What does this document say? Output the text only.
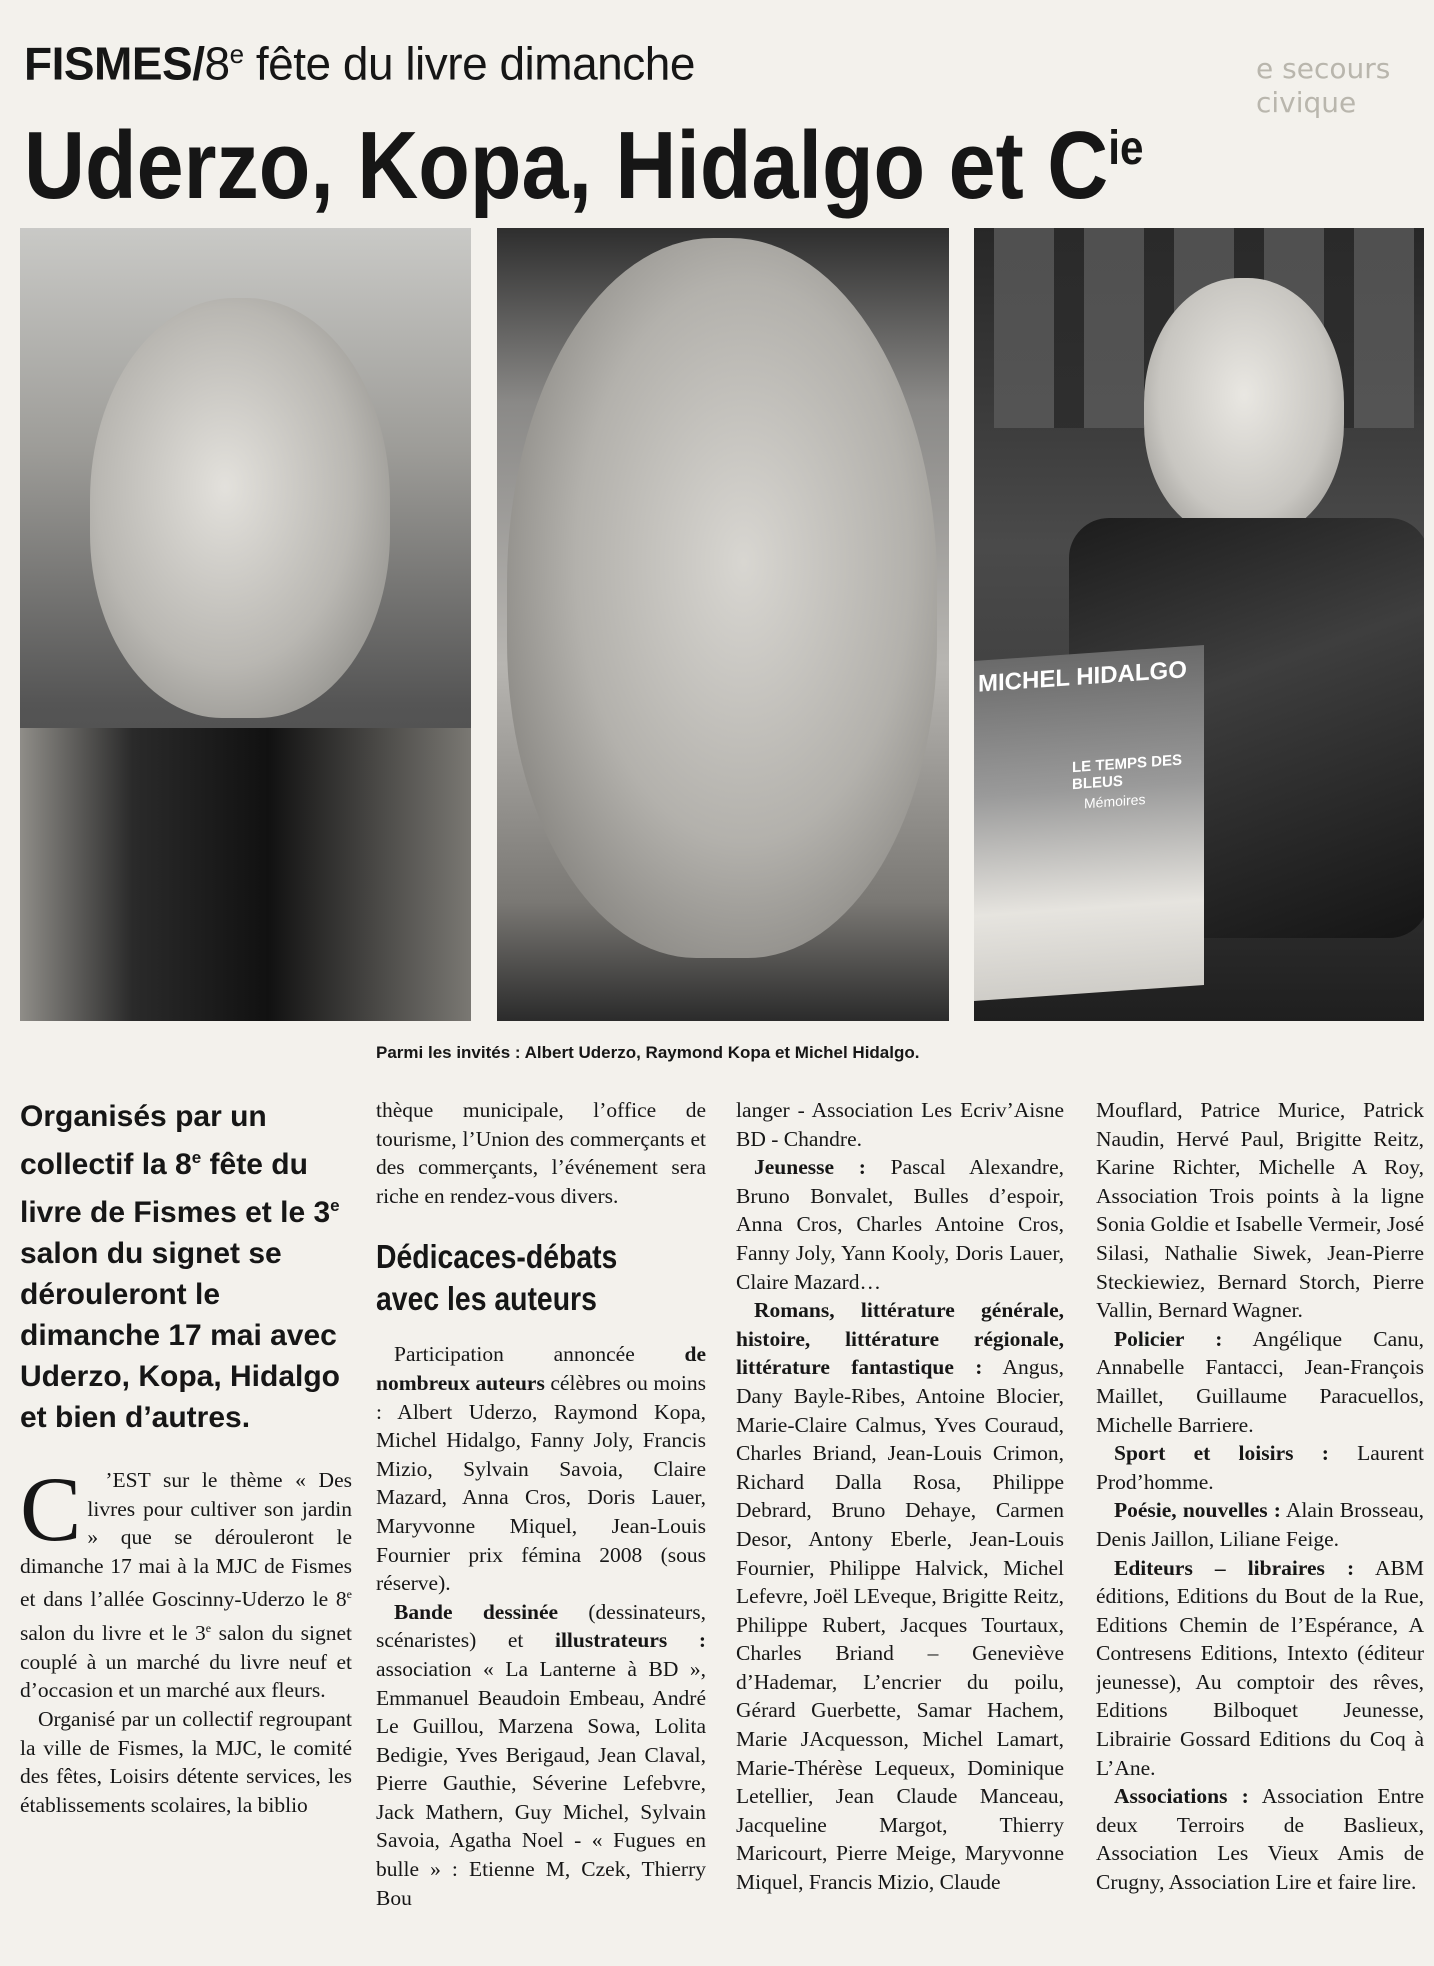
FISMES/8e fête du livre dimanche
Uderzo, Kopa, Hidalgo et $C^{ie}$
e secours civique
MICHEL HIDALGO
LE TEMPS DES BLEUS
Mémoires
Parmi les invités : Albert Uderzo, Raymond Kopa et Michel Hidalgo.

Organisés par un collectif la 8e fête du livre de Fismes et le 3e salon du signet se dérouleront le dimanche 17 mai avec Uderzo, Kopa, Hidalgo et bien d’autres.

C ’EST sur le thème « Des livres pour cultiver son jardin » que se dérouleront le dimanche 17 mai à la MJC de Fismes et dans l’allée Goscinny-Uderzo le 8e salon du livre et le 3e salon du signet couplé à un marché du livre neuf et d’occasion et un marché aux fleurs.

Organisé par un collectif regroupant la ville de Fismes, la MJC, le comité des fêtes, Loisirs détente services, les établissements scolaires, la biblio

thèque municipale, l’office de tourisme, l’Union des commerçants et des commerçants, l’événement sera riche en rendez-vous divers.

Dédicaces-débats avec les auteurs

Participation annoncée de nombreux auteurs célèbres ou moins : Albert Uderzo, Raymond Kopa, Michel Hidalgo, Fanny Joly, Francis Mizio, Sylvain Savoia, Claire Mazard, Anna Cros, Doris Lauer, Maryvonne Miquel, Jean-Louis Fournier prix fémina 2008 (sous réserve).

Bande dessinée (dessinateurs, scénaristes) et illustrateurs : association « La Lanterne à BD », Emmanuel Beaudoin Embeau, André Le Guillou, Marzena Sowa, Lolita Bedigie, Yves Berigaud, Jean Claval, Pierre Gauthie, Séverine Lefebvre, Jack Mathern, Guy Michel, Sylvain Savoia, Agatha Noel - « Fugues en bulle » : Etienne M, Czek, Thierry Bou

langer - Association Les Ecriv’Aisne BD - Chandre.

Jeunesse : Pascal Alexandre, Bruno Bonvalet, Bulles d’espoir, Anna Cros, Charles Antoine Cros, Fanny Joly, Yann Kooly, Doris Lauer, Claire Mazard…

Romans, littérature générale, histoire, littérature régionale, littérature fantastique : Angus, Dany Bayle-Ribes, Antoine Blocier, Marie-Claire Calmus, Yves Couraud, Charles Briand, Jean-Louis Crimon, Richard Dalla Rosa, Philippe Debrard, Bruno Dehaye, Carmen Desor, Antony Eberle, Jean-Louis Fournier, Philippe Halvick, Michel Lefevre, Joël LEveque, Brigitte Reitz, Philippe Rubert, Jacques Tourtaux, Charles Briand – Geneviève d’Hademar, L’encrier du poilu, Gérard Guerbette, Samar Hachem, Marie JAcquesson, Michel Lamart, Marie-Thérèse Lequeux, Dominique Letellier, Jean Claude Manceau, Jacqueline Margot, Thierry Maricourt, Pierre Meige, Maryvonne Miquel, Francis Mizio, Claude

Mouflard, Patrice Murice, Patrick Naudin, Hervé Paul, Brigitte Reitz, Karine Richter, Michelle A Roy, Association Trois points à la ligne Sonia Goldie et Isabelle Vermeir, José Silasi, Nathalie Siwek, Jean-Pierre Steckiewiez, Bernard Storch, Pierre Vallin, Bernard Wagner.

Policier : Angélique Canu, Annabelle Fantacci, Jean-François Maillet, Guillaume Paracuellos, Michelle Barriere.

Sport et loisirs : Laurent Prod’homme.

Poésie, nouvelles : Alain Brosseau, Denis Jaillon, Liliane Feige.

Editeurs – libraires : ABM éditions, Editions du Bout de la Rue, Editions Chemin de l’Espérance, A Contresens Editions, Intexto (éditeur jeunesse), Au comptoir des rêves, Editions Bilboquet Jeunesse, Librairie Gossard Editions du Coq à L’Ane.

Associations : Association Entre deux Terroirs de Baslieux, Association Les Vieux Amis de Crugny, Association Lire et faire lire.
